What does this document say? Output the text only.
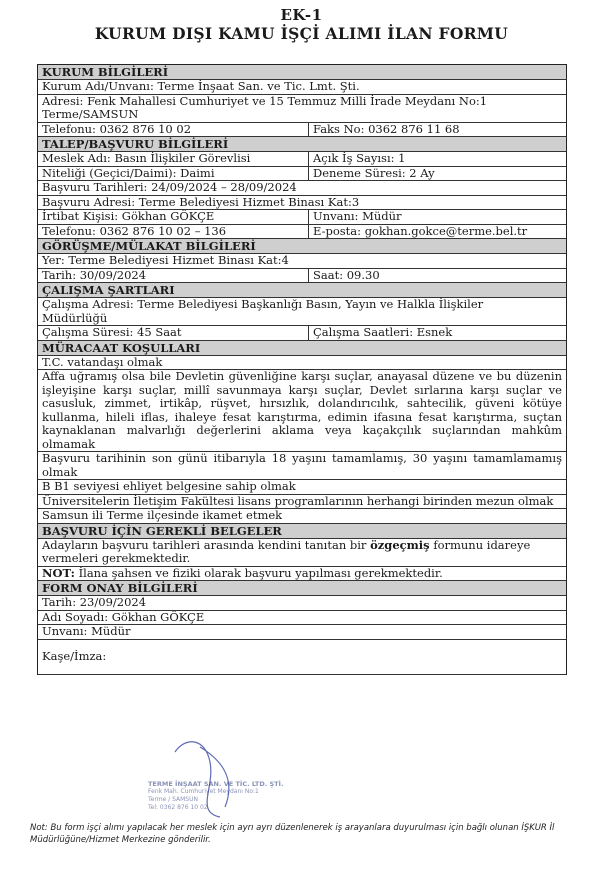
EK-1
KURUM DIŞI KAMU İŞÇİ ALIMI İLAN FORMU
KURUM BİLGİLERİ
Kurum Adı/Unvanı: Terme İnşaat San. ve Tic. Lmt. Şti.
Adresi: Fenk Mahallesi Cumhuriyet ve 15 Temmuz Milli İrade Meydanı No:1
Terme/SAMSUN
Telefonu: 0362 876 10 02	Faks No: 0362 876 11 68
TALEP/BAŞVURU BİLGİLERİ
Meslek Adı: Basın İlişkiler Görevlisi	Açık İş Sayısı: 1
Niteliği (Geçici/Daimi): Daimi	Deneme Süresi: 2 Ay
Başvuru Tarihleri: 24/09/2024 – 28/09/2024
Başvuru Adresi: Terme Belediyesi Hizmet Binası Kat:3
İrtibat Kişisi: Gökhan GÖKÇE	Unvanı: Müdür
Telefonu: 0362 876 10 02 – 136	E-posta: gokhan.gokce@terme.bel.tr
GÖRÜŞME/MÜLAKAT BİLGİLERİ
Yer: Terme Belediyesi Hizmet Binası Kat:4
Tarih: 30/09/2024	Saat: 09.30
ÇALIŞMA ŞARTLARI
Çalışma Adresi: Terme Belediyesi Başkanlığı Basın, Yayın ve Halkla İlişkiler
Müdürlüğü
Çalışma Süresi: 45 Saat	Çalışma Saatleri: Esnek
MÜRACAAT KOŞULLARI
T.C. vatandaşı olmak
Affa uğramış olsa bile Devletin güvenliğine karşı suçlar, anayasal düzene ve bu düzenin işleyişine karşı suçlar, millî savunmaya karşı suçlar, Devlet sırlarına karşı suçlar ve casusluk, zimmet, irtikâp, rüşvet, hırsızlık, dolandırıcılık, sahtecilik, güveni kötüye kullanma, hileli iflas, ihaleye fesat karıştırma, edimin ifasına fesat karıştırma, suçtan kaynaklanan malvarlığı değerlerini aklama veya kaçakçılık suçlarından mahkûm olmamak
Başvuru tarihinin son günü itibarıyla 18 yaşını tamamlamış, 30 yaşını tamamlamamış olmak
B B1 seviyesi ehliyet belgesine sahip olmak
Üniversitelerin İletişim Fakültesi lisans programlarının herhangi birinden mezun olmak
Samsun ili Terme ilçesinde ikamet etmek
BAŞVURU İÇİN GEREKLİ BELGELER
Adayların başvuru tarihleri arasında kendini tanıtan bir özgeçmiş formunu idareye vermeleri gerekmektedir.
NOT: İlana şahsen ve fiziki olarak başvuru yapılması gerekmektedir.
FORM ONAY BİLGİLERİ
Tarih: 23/09/2024
Adı Soyadı: Gökhan GÖKÇE
Unvanı: Müdür
Kaşe/İmza:
TERME İNŞAAT SAN. VE TİC. LTD. ŞTİ.
Fenk Mah. Cumhuriyet Meydanı No:1
Terme / SAMSUN
Tel: 0362 876 10 02
Not: Bu form işçi alımı yapılacak her meslek için ayrı ayrı düzenlenerek iş arayanlara duyurulması için bağlı olunan İŞKUR İl Müdürlüğüne/Hizmet Merkezine gönderilir.
